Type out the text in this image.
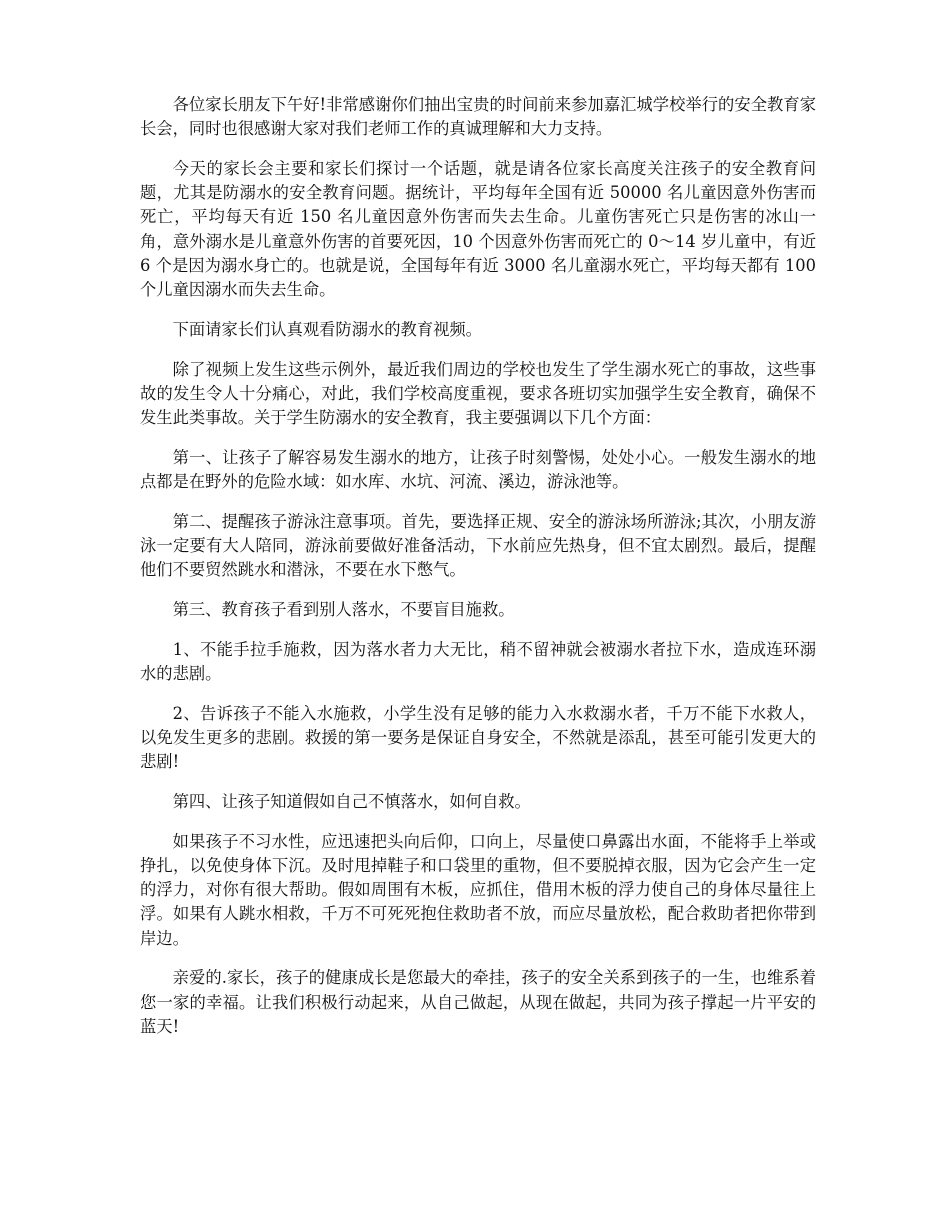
各位家长朋友下午好!非常感谢你们抽出宝贵的时间前来参加嘉汇城学校举行的安全教育家长会，同时也很感谢大家对我们老师工作的真诚理解和大力支持。

今天的家长会主要和家长们探讨一个话题，就是请各位家长高度关注孩子的安全教育问题，尤其是防溺水的安全教育问题。据统计，平均每年全国有近 50000 名儿童因意外伤害而死亡，平均每天有近 150 名儿童因意外伤害而失去生命。儿童伤害死亡只是伤害的冰山一角，意外溺水是儿童意外伤害的首要死因，10 个因意外伤害而死亡的 0～14 岁儿童中，有近 6 个是因为溺水身亡的。也就是说，全国每年有近 3000 名儿童溺水死亡，平均每天都有 100 个儿童因溺水而失去生命。

下面请家长们认真观看防溺水的教育视频。

除了视频上发生这些示例外，最近我们周边的学校也发生了学生溺水死亡的事故，这些事故的发生令人十分痛心，对此，我们学校高度重视，要求各班切实加强学生安全教育，确保不发生此类事故。关于学生防溺水的安全教育，我主要强调以下几个方面：

第一、让孩子了解容易发生溺水的地方，让孩子时刻警惕，处处小心。一般发生溺水的地点都是在野外的危险水域：如水库、水坑、河流、溪边，游泳池等。

第二、提醒孩子游泳注意事项。首先，要选择正规、安全的游泳场所游泳;其次，小朋友游泳一定要有大人陪同，游泳前要做好准备活动，下水前应先热身，但不宜太剧烈。最后，提醒他们不要贸然跳水和潜泳，不要在水下憋气。

第三、教育孩子看到别人落水，不要盲目施救。

1、不能手拉手施救，因为落水者力大无比，稍不留神就会被溺水者拉下水，造成连环溺水的悲剧。

2、告诉孩子不能入水施救，小学生没有足够的能力入水救溺水者，千万不能下水救人，以免发生更多的悲剧。救援的第一要务是保证自身安全，不然就是添乱，甚至可能引发更大的悲剧!

第四、让孩子知道假如自己不慎落水，如何自救。

如果孩子不习水性，应迅速把头向后仰，口向上，尽量使口鼻露出水面，不能将手上举或挣扎，以免使身体下沉。及时甩掉鞋子和口袋里的重物，但不要脱掉衣服，因为它会产生一定的浮力，对你有很大帮助。假如周围有木板，应抓住，借用木板的浮力使自己的身体尽量往上浮。如果有人跳水相救，千万不可死死抱住救助者不放，而应尽量放松，配合救助者把你带到岸边。

亲爱的.家长，孩子的健康成长是您最大的牵挂，孩子的安全关系到孩子的一生，也维系着您一家的幸福。让我们积极行动起来，从自己做起，从现在做起，共同为孩子撑起一片平安的蓝天!
